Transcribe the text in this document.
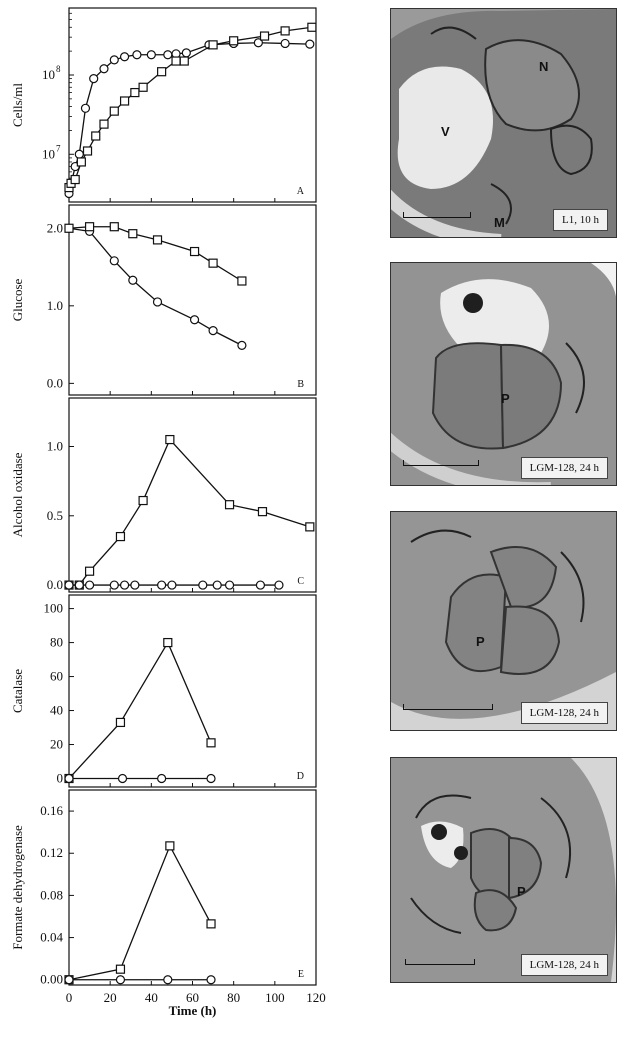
10 7
10 8
Cells/ml
A
0.0
1.0
2.0
Glucose
B
0.0
0.5
1.0
Alcohol oxidase
C
0
20
40
60
80
100
Catalase
D
0.00
0.04
0.08
0.12
0.16
Formate dehydrogenase
E
0 20 40 60 80 100 120
Time (h)
N
V
M	L1, 10 h
P
LGM-128, 24 h
P
LGM-128, 24 h
P
LGM-128, 24 h
